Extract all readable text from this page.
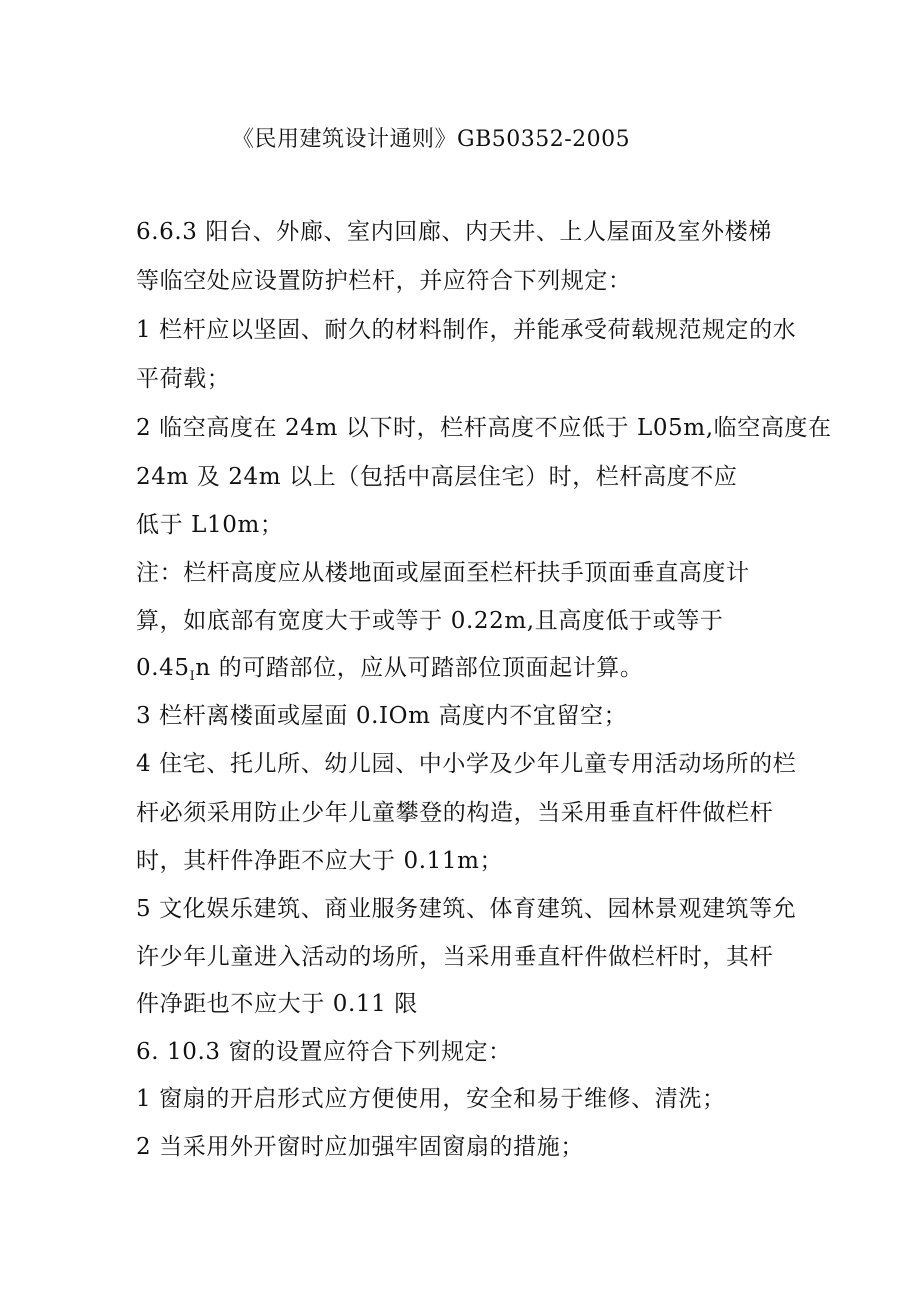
《民用建筑设计通则》GB50352-2005
6.6.3 阳台、外廊、室内回廊、内天井、上人屋面及室外楼梯
等临空处应设置防护栏杆，并应符合下列规定：
1 栏杆应以坚固、耐久的材料制作，并能承受荷载规范规定的水
平荷载；
2 临空高度在 24m 以下时，栏杆高度不应低于 L05m,临空高度在
24m 及 24m 以上（包括中高层住宅）时，栏杆高度不应
低于 L10m；
注：栏杆高度应从楼地面或屋面至栏杆扶手顶面垂直高度计
算，如底部有宽度大于或等于 0.22m,且高度低于或等于
$0.45_In$ 的可踏部位，应从可踏部位顶面起计算。
3 栏杆离楼面或屋面 0.IOm 高度内不宜留空；
4 住宅、托儿所、幼儿园、中小学及少年儿童专用活动场所的栏
杆必须采用防止少年儿童攀登的构造，当采用垂直杆件做栏杆
时，其杆件净距不应大于 0.11m；
5 文化娱乐建筑、商业服务建筑、体育建筑、园林景观建筑等允
许少年儿童进入活动的场所，当采用垂直杆件做栏杆时，其杆
件净距也不应大于 0.11 限
6. 10.3 窗的设置应符合下列规定：
1 窗扇的开启形式应方便使用，安全和易于维修、清洗；
2 当采用外开窗时应加强牢固窗扇的措施；
